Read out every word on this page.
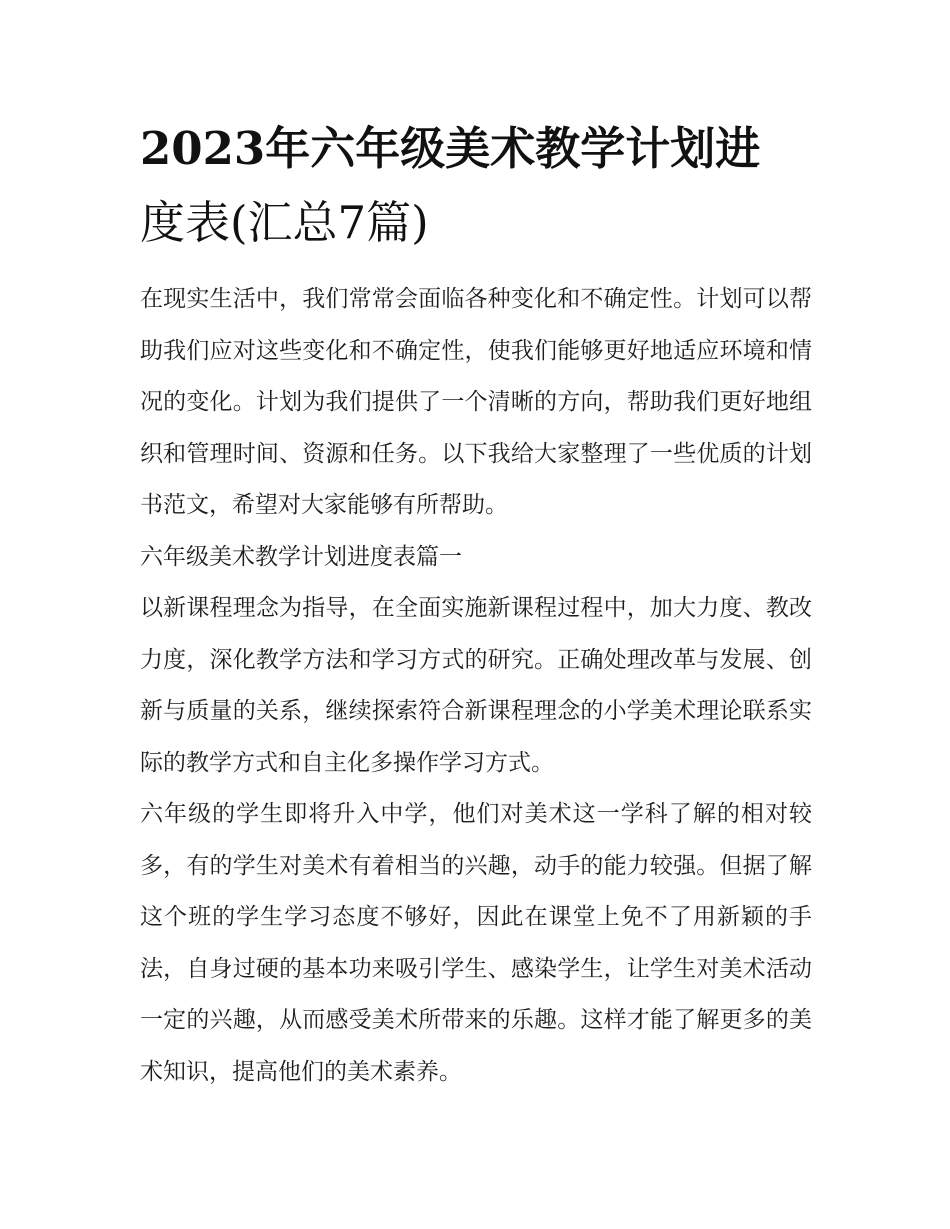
2023年六年级美术教学计划进
度表(汇总7篇)

在现实生活中，我们常常会面临各种变化和不确定性。计划可以帮助我们应对这些变化和不确定性，使我们能够更好地适应环境和情况的变化。计划为我们提供了一个清晰的方向，帮助我们更好地组织和管理时间、资源和任务。以下我给大家整理了一些优质的计划书范文，希望对大家能够有所帮助。

六年级美术教学计划进度表篇一

以新课程理念为指导，在全面实施新课程过程中，加大力度、教改力度，深化教学方法和学习方式的研究。正确处理改革与发展、创新与质量的关系，继续探索符合新课程理念的小学美术理论联系实际的教学方式和自主化多操作学习方式。

六年级的学生即将升入中学，他们对美术这一学科了解的相对较多，有的学生对美术有着相当的兴趣，动手的能力较强。但据了解这个班的学生学习态度不够好，因此在课堂上免不了用新颖的手法，自身过硬的基本功来吸引学生、感染学生，让学生对美术活动一定的兴趣，从而感受美术所带来的乐趣。这样才能了解更多的美术知识，提高他们的美术素养。
